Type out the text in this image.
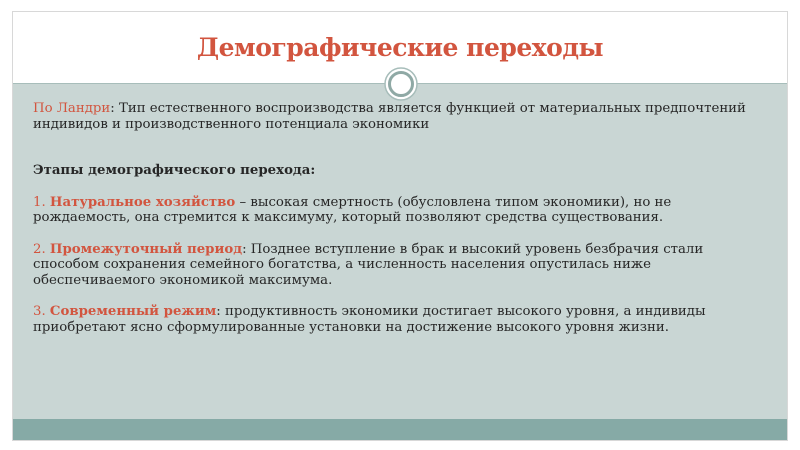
Демографические переходы

По Ландри: Тип естественного воспроизводства является функцией от материальных предпочтений индивидов и производственного потенциала экономики

Этапы демографического перехода:

1. Натуральное хозяйство – высокая смертность (обусловлена типом экономики), но не рождаемость, она стремится к максимуму, который позволяют средства существования.

2. Промежуточный период: Позднее вступление в брак и высокий уровень безбрачия стали способом сохранения семейного богатства, а численность населения опустилась ниже обеспечиваемого экономикой максимума.

3. Современный режим: продуктивность экономики достигает высокого уровня, а индивиды приобретают ясно сформулированные установки на достижение высокого уровня жизни.
